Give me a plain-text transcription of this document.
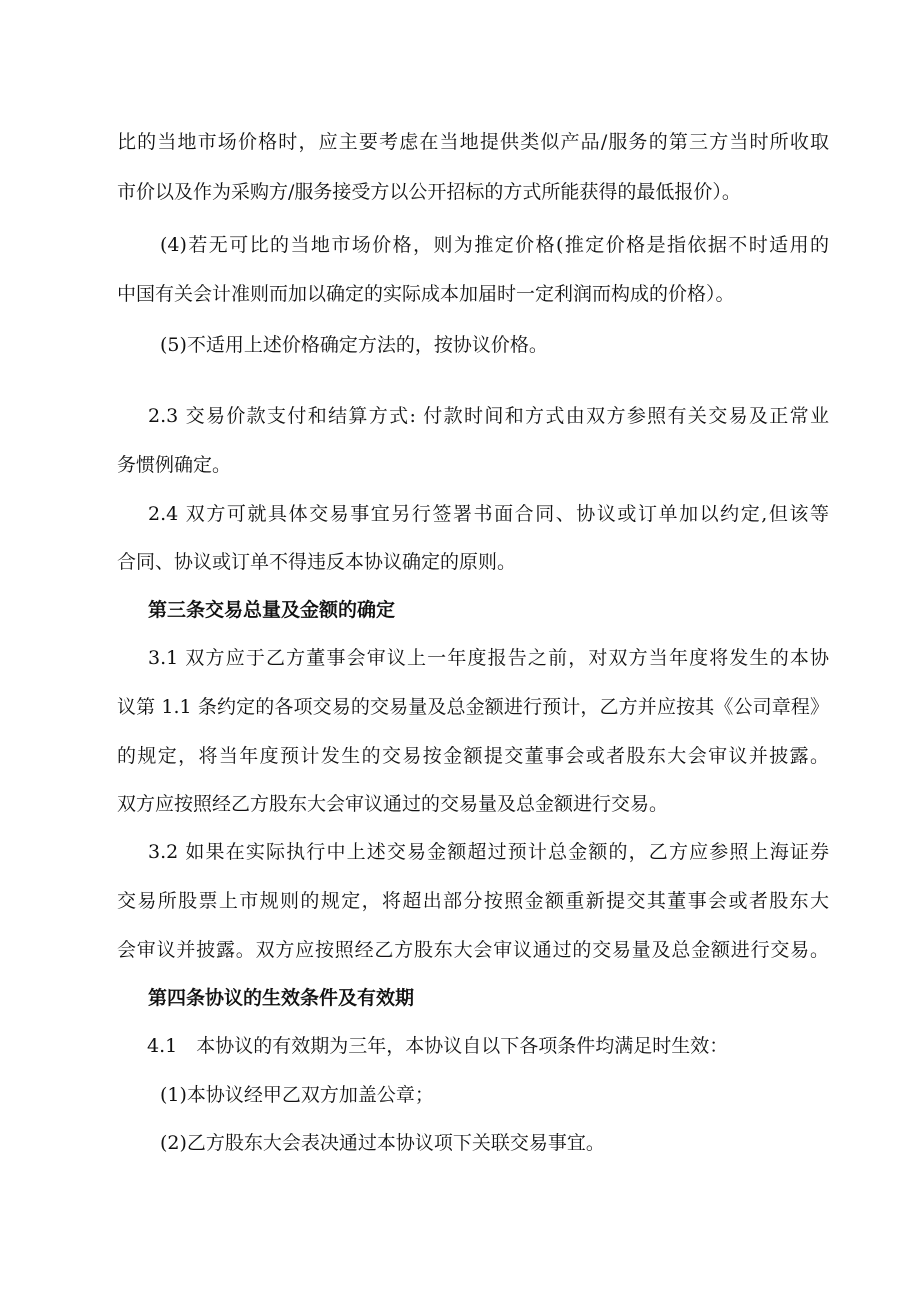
比的当地市场价格时，应主要考虑在当地提供类似产品/服务的第三方当时所收取
市价以及作为采购方/服务接受方以公开招标的方式所能获得的最低报价）。
(4)若无可比的当地市场价格，则为推定价格(推定价格是指依据不时适用的
中国有关会计准则而加以确定的实际成本加届时一定利润而构成的价格）。
(5)不适用上述价格确定方法的，按协议价格。
2.3 交易价款支付和结算方式: 付款时间和方式由双方参照有关交易及正常业
务惯例确定。
2.4 双方可就具体交易事宜另行签署书面合同、协议或订单加以约定,但该等
合同、协议或订单不得违反本协议确定的原则。
第三条交易总量及金额的确定
3.1 双方应于乙方董事会审议上一年度报告之前，对双方当年度将发生的本协
议第 1.1 条约定的各项交易的交易量及总金额进行预计，乙方并应按其《公司章程》
的规定，将当年度预计发生的交易按金额提交董事会或者股东大会审议并披露。
双方应按照经乙方股东大会审议通过的交易量及总金额进行交易。
3.2 如果在实际执行中上述交易金额超过预计总金额的，乙方应参照上海证券
交易所股票上市规则的规定，将超出部分按照金额重新提交其董事会或者股东大
会审议并披露。双方应按照经乙方股东大会审议通过的交易量及总金额进行交易。
第四条协议的生效条件及有效期
4.1　本协议的有效期为三年，本协议自以下各项条件均满足时生效：
(1)本协议经甲乙双方加盖公章；
(2)乙方股东大会表决通过本协议项下关联交易事宜。
